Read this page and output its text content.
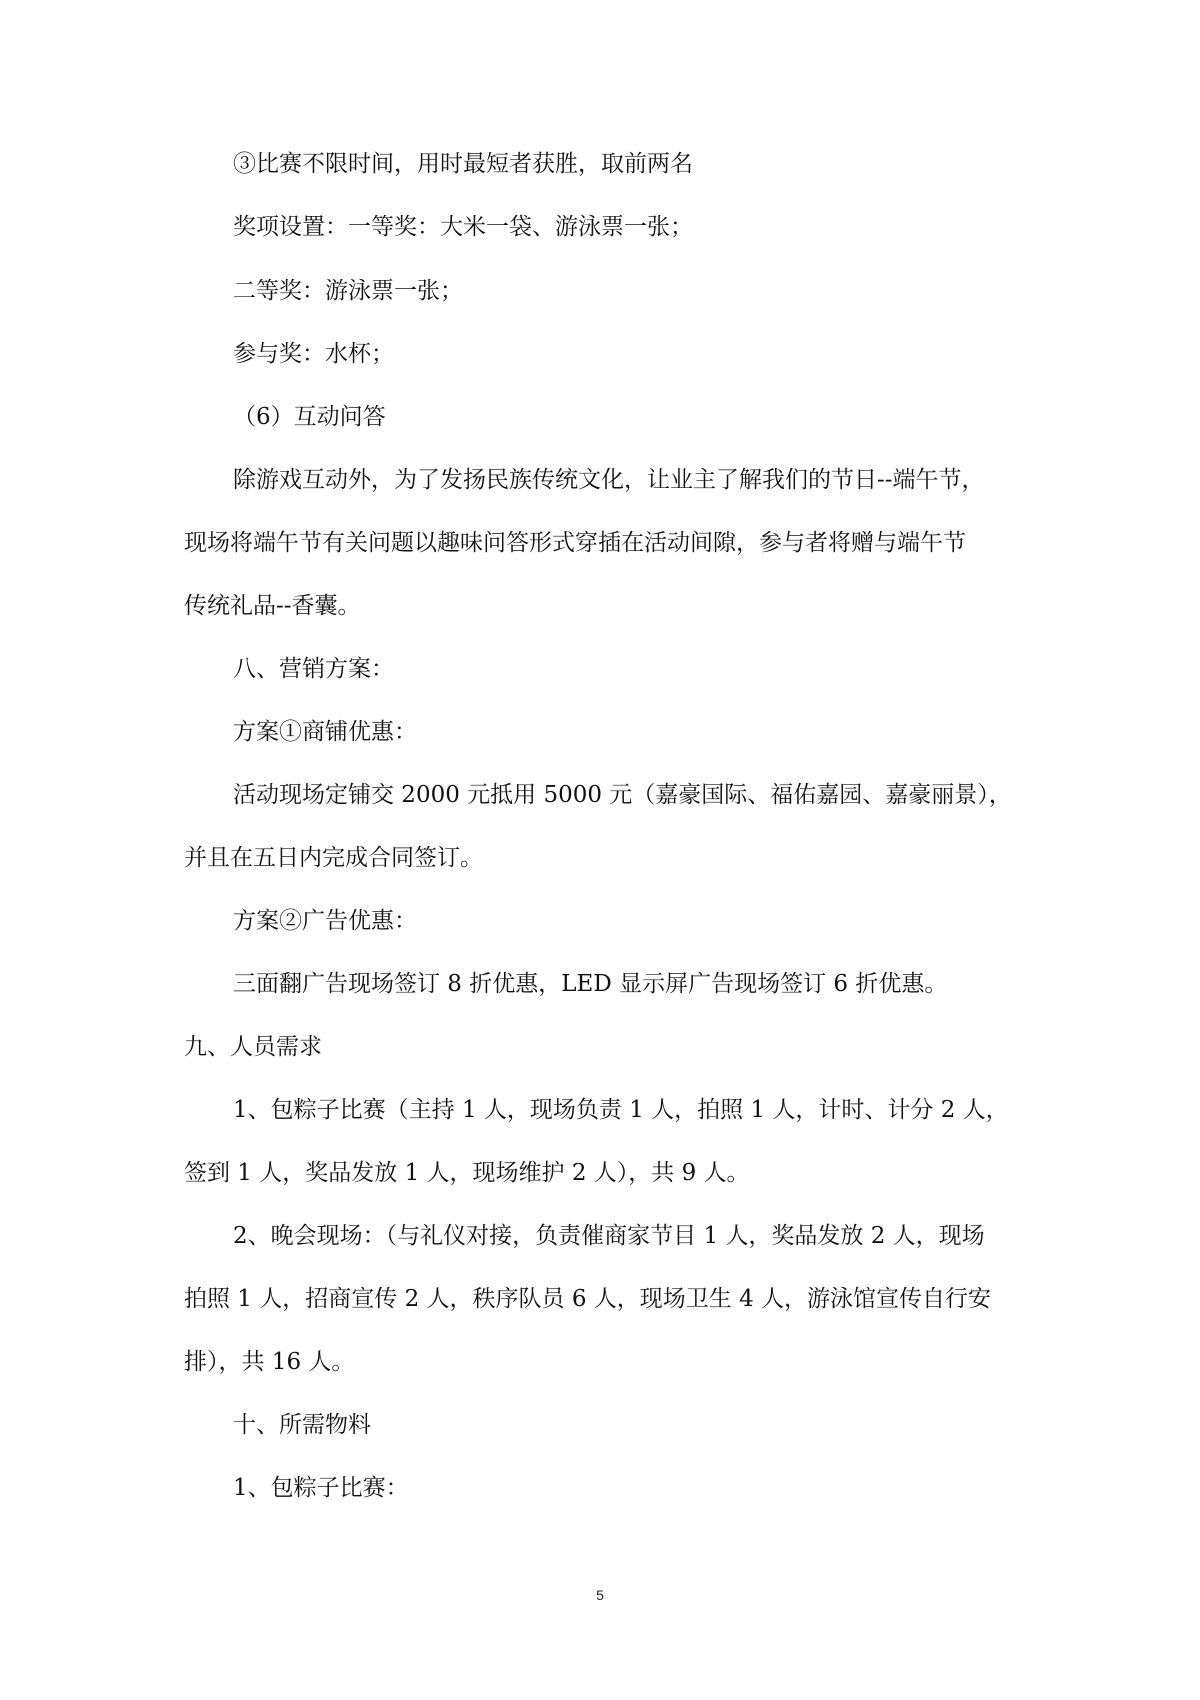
③比赛不限时间，用时最短者获胜，取前两名
奖项设置：一等奖：大米一袋、游泳票一张；
二等奖：游泳票一张；
参与奖：水杯；
（6）互动问答
除游戏互动外，为了发扬民族传统文化，让业主了解我们的节日--端午节，
现场将端午节有关问题以趣味问答形式穿插在活动间隙，参与者将赠与端午节
传统礼品--香囊。
八、营销方案：
方案①商铺优惠：
活动现场定铺交 2000 元抵用 5000 元（嘉豪国际、福佑嘉园、嘉豪丽景），
并且在五日内完成合同签订。
方案②广告优惠：
三面翻广告现场签订 8 折优惠，LED 显示屏广告现场签订 6 折优惠。
九、人员需求
1、包粽子比赛（主持 1 人，现场负责 1 人，拍照 1 人，计时、计分 2 人，
签到 1 人，奖品发放 1 人，现场维护 2 人），共 9 人。
2、晚会现场：（与礼仪对接，负责催商家节目 1 人，奖品发放 2 人，现场
拍照 1 人，招商宣传 2 人，秩序队员 6 人，现场卫生 4 人，游泳馆宣传自行安
排），共 16 人。
十、所需物料
1、包粽子比赛：
5
